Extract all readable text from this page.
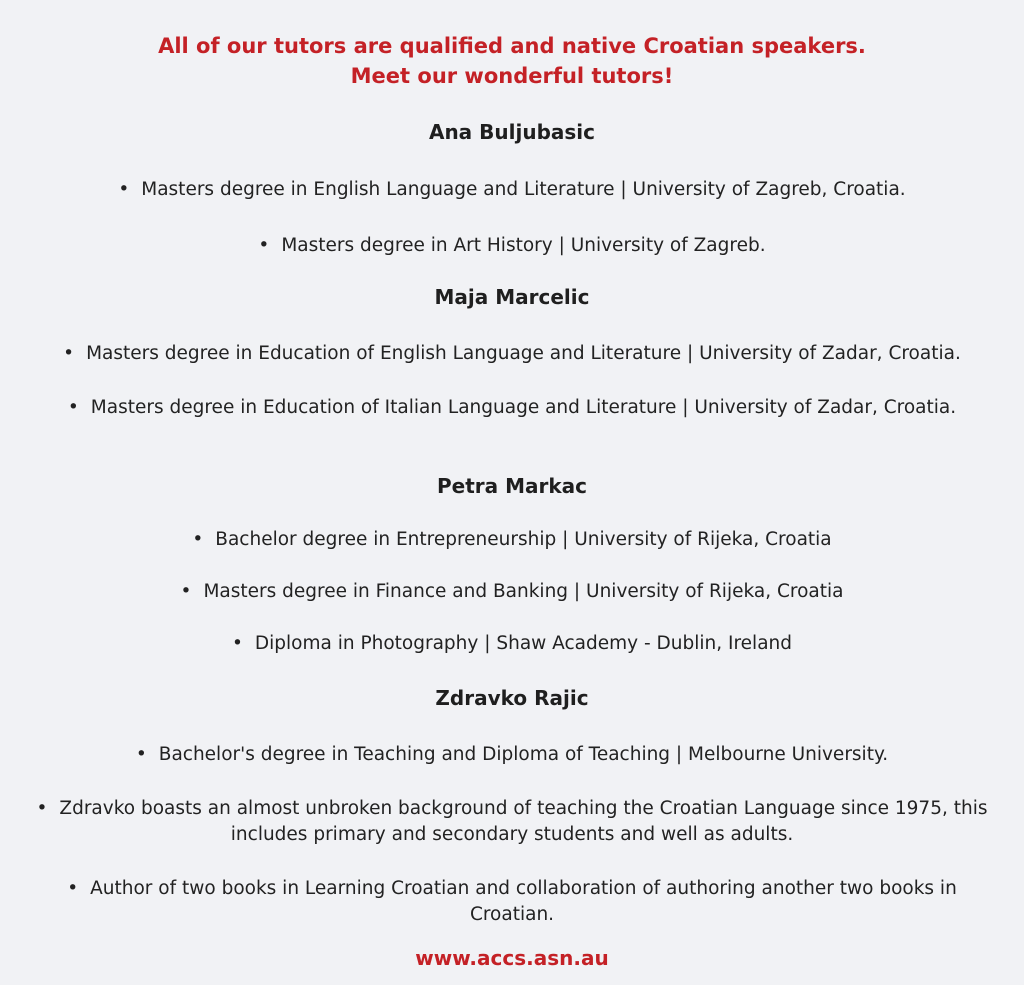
All of our tutors are qualified and native Croatian speakers.
Meet our wonderful tutors!
Ana Buljubasic
• Masters degree in English Language and Literature | University of Zagreb, Croatia.
• Masters degree in Art History | University of Zagreb.
Maja Marcelic
• Masters degree in Education of English Language and Literature | University of Zadar, Croatia.
• Masters degree in Education of Italian Language and Literature | University of Zadar, Croatia.
Petra Markac
• Bachelor degree in Entrepreneurship | University of Rijeka, Croatia
• Masters degree in Finance and Banking | University of Rijeka, Croatia
• Diploma in Photography | Shaw Academy - Dublin, Ireland
Zdravko Rajic
• Bachelor's degree in Teaching and Diploma of Teaching | Melbourne University.
• Zdravko boasts an almost unbroken background of teaching the Croatian Language since 1975, this includes primary and secondary students and well as adults.
• Author of two books in Learning Croatian and collaboration of authoring another two books in Croatian.
www.accs.asn.au
